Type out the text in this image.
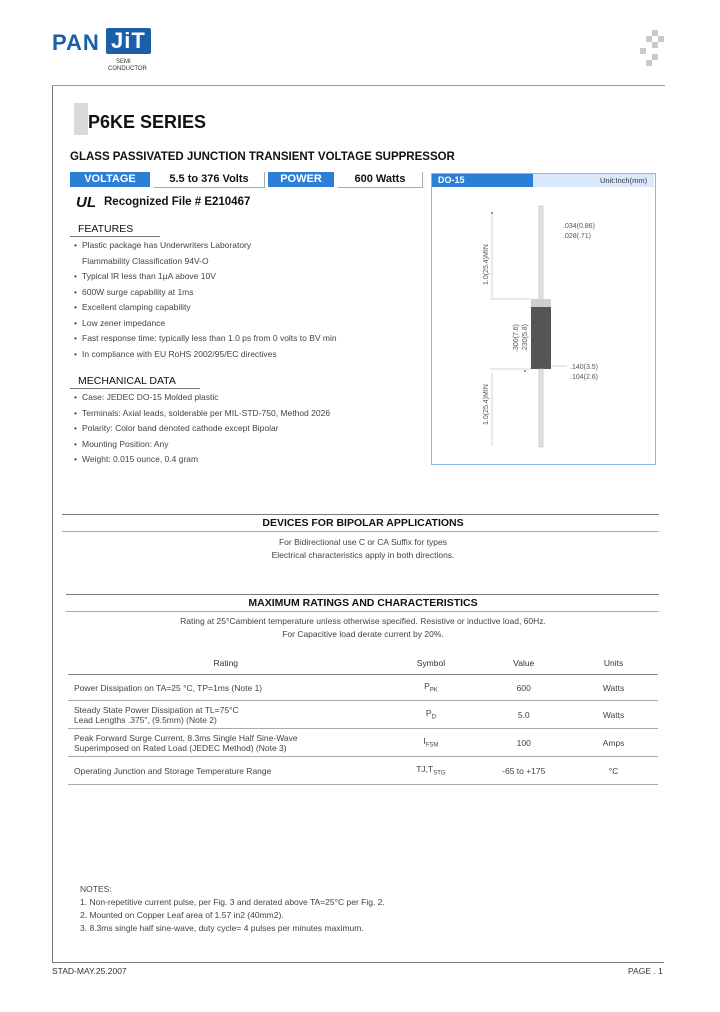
PAN JiT
SEMI
CONDUCTOR
P6KE SERIES
GLASS PASSIVATED JUNCTION TRANSIENT VOLTAGE SUPPRESSOR
VOLTAGE	5.5 to 376 Volts	POWER	600 Watts
UL Recognized File # E210467
FEATURES
• Plastic package has Underwriters Laboratory
Flammability Classification 94V-O
• Typical IR less than 1μA above 10V
• 600W surge capability at 1ms
• Excellent clamping capability
• Low zener impedance
• Fast response time: typically less than 1.0 ps from 0 volts to BV min
• In compliance with EU RoHS 2002/95/EC directives
MECHANICAL DATA
• Case: JEDEC DO-15 Molded plastic
• Terminals: Axial leads, solderable per MIL-STD-750, Method 2026
• Polarity: Color band denoted cathode except Bipolar
• Mounting Position: Any
• Weight: 0.015 ounce, 0.4 gram
DO-15	Unit:Inch(mm)
.034(0.86)
.028(.71)
1.0(25.4)MIN
.300(7.6) .230(5.8)
.140(3.5)
.104(2.6)
1.0(25.4)MIN
DEVICES FOR BIPOLAR APPLICATIONS
For Bidirectional use C or CA Suffix for types
Electrical characteristics apply in both directions.
MAXIMUM RATINGS AND CHARACTERISTICS
Rating at 25°Cambient temperature unless otherwise specified. Resistive or inductive load, 60Hz.
For Capacitive load derate current by 20%.
Rating	Symbol	Value	Units
Power Dissipation on TA=25 °C, TP=1ms (Note 1)	$P_{PK}$	600	Watts
Steady State Power Dissipation at TL=75°C
Lead Lengths .375", (9.5mm) (Note 2)	$P_D$	5.0	Watts
Peak Forward Surge Current, 8.3ms Single Half Sine-Wave
Superimposed on Rated Load (JEDEC Method) (Note 3)	$I_{FSM}$	100	Amps
Operating Junction and Storage Temperature Range	$TJ,T_{STG}$	-65 to +175	°C
NOTES:
1. Non-repetitive current pulse, per Fig. 3 and derated above TA=25°C per Fig. 2.
2. Mounted on Copper Leaf area of 1.57 in2 (40mm2).
3. 8.3ms single half sine-wave, duty cycle= 4 pulses per minutes maximum.
STAD-MAY.25.2007	PAGE . 1
